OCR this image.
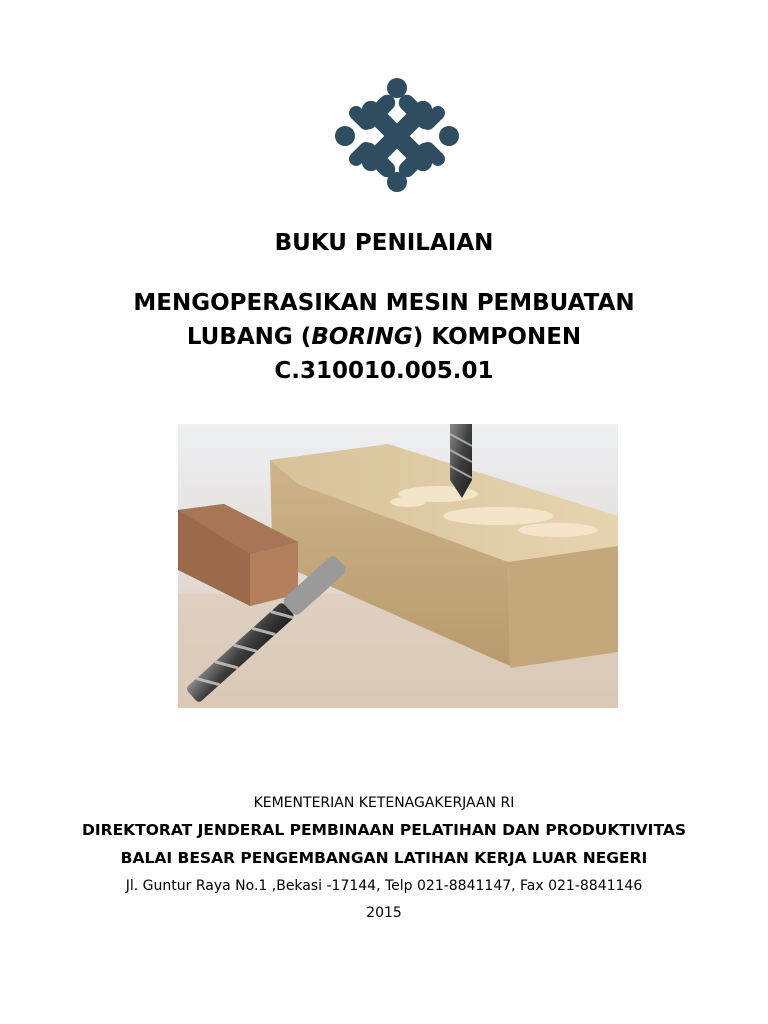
BUKU PENILAIAN
MENGOPERASIKAN MESIN PEMBUATAN
LUBANG (BORING) KOMPONEN
C.310010.005.01

KEMENTERIAN KETENAGAKERJAAN RI

DIREKTORAT JENDERAL PEMBINAAN PELATIHAN DAN PRODUKTIVITAS

BALAI BESAR PENGEMBANGAN LATIHAN KERJA LUAR NEGERI

Jl. Guntur Raya No.1 ,Bekasi -17144, Telp 021-8841147, Fax 021-8841146

2015
